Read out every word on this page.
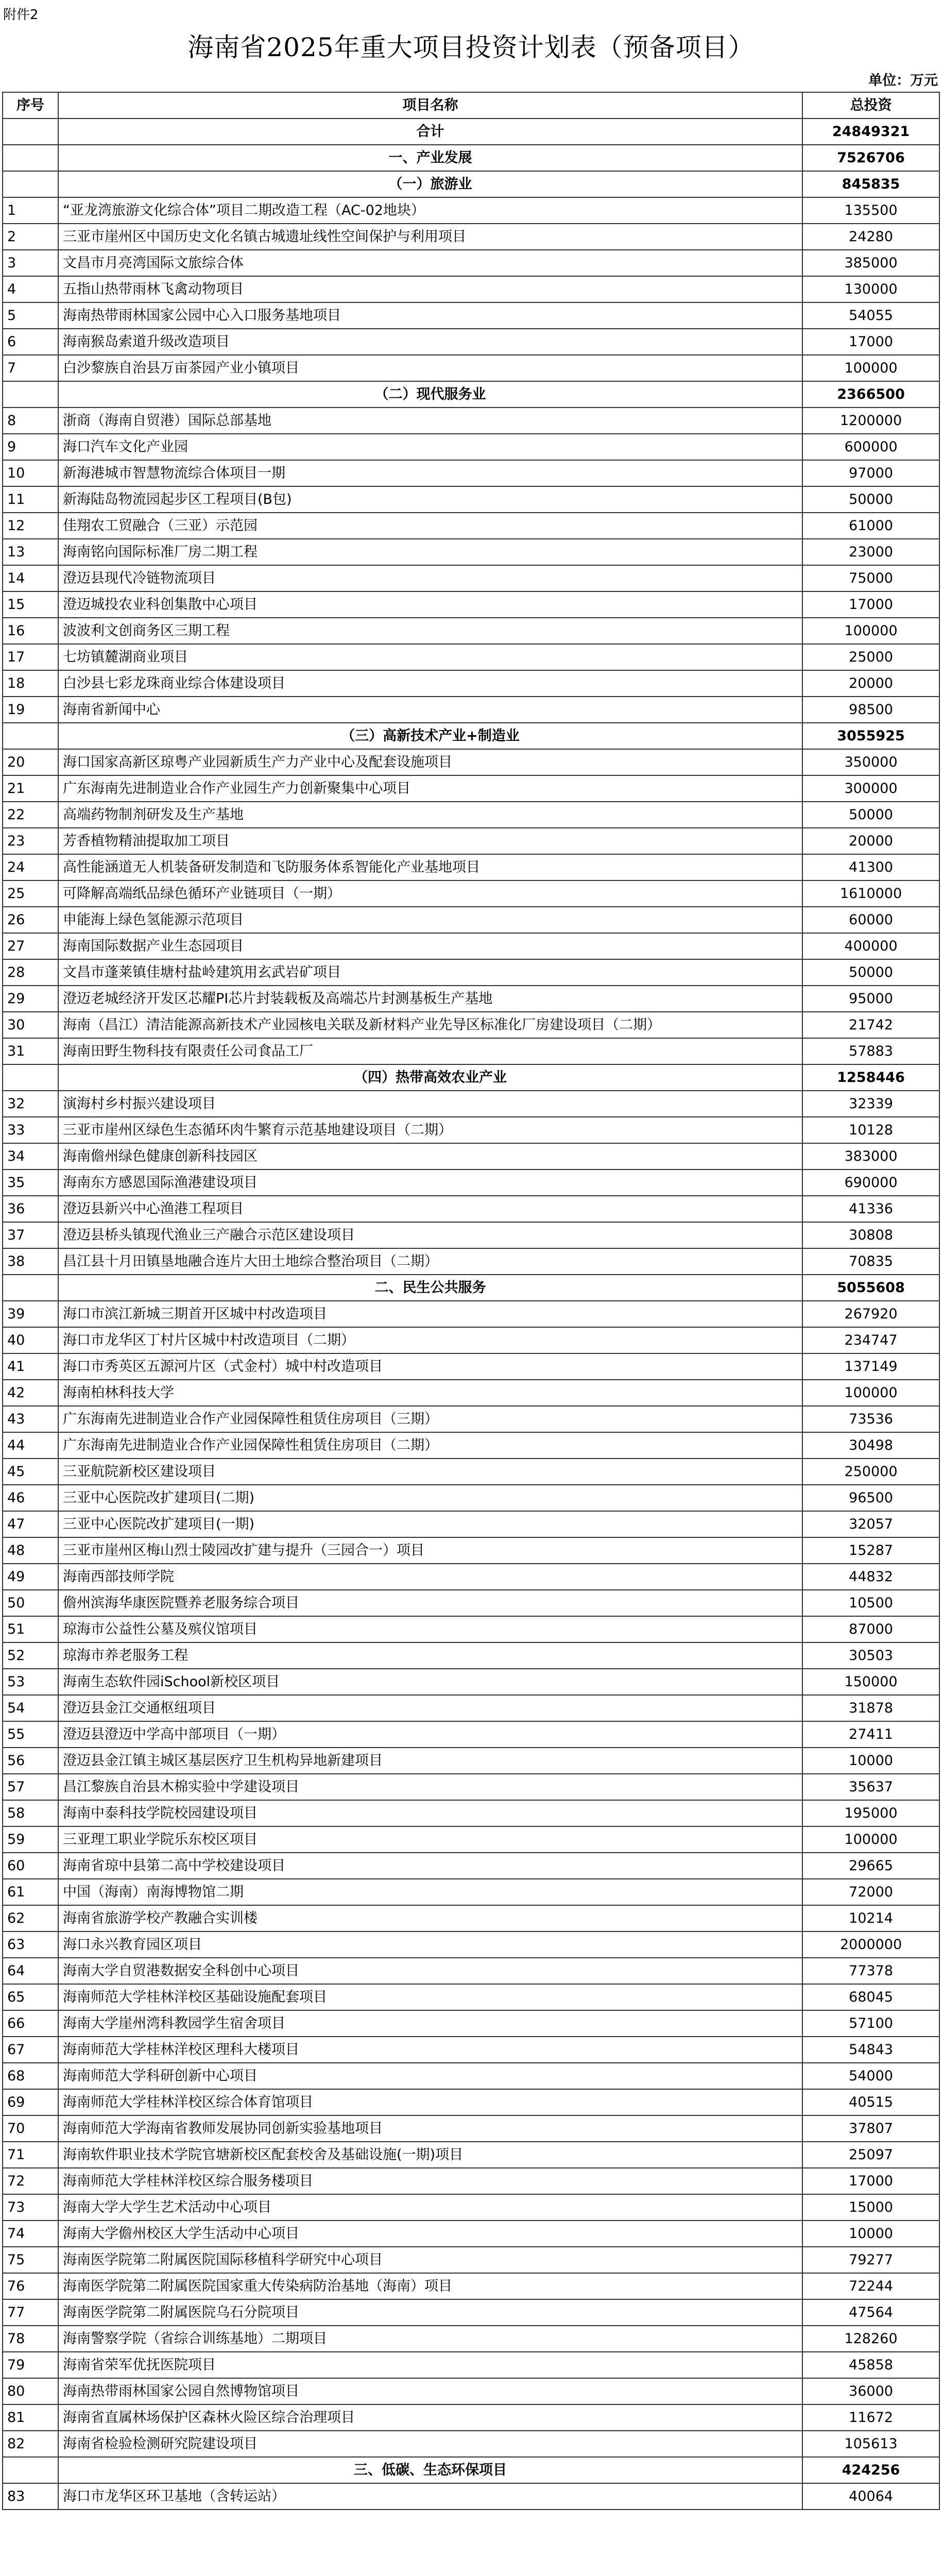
附件2
海南省2025年重大项目投资计划表（预备项目）
单位：万元
序号	项目名称	总投资
	合计	24849321
	一、产业发展	7526706
	（一）旅游业	845835
1	“亚龙湾旅游文化综合体”项目二期改造工程（AC-02地块）	135500
2	三亚市崖州区中国历史文化名镇古城遗址线性空间保护与利用项目	24280
3	文昌市月亮湾国际文旅综合体	385000
4	五指山热带雨林飞禽动物项目	130000
5	海南热带雨林国家公园中心入口服务基地项目	54055
6	海南猴岛索道升级改造项目	17000
7	白沙黎族自治县万亩茶园产业小镇项目	100000
	（二）现代服务业	2366500
8	浙商（海南自贸港）国际总部基地	1200000
9	海口汽车文化产业园	600000
10	新海港城市智慧物流综合体项目一期	97000
11	新海陆岛物流园起步区工程项目(B包)	50000
12	佳翔农工贸融合（三亚）示范园	61000
13	海南铭向国际标准厂房二期工程	23000
14	澄迈县现代冷链物流项目	75000
15	澄迈城投农业科创集散中心项目	17000
16	波波利文创商务区三期工程	100000
17	七坊镇麓湖商业项目	25000
18	白沙县七彩龙珠商业综合体建设项目	20000
19	海南省新闻中心	98500
	（三）高新技术产业+制造业	3055925
20	海口国家高新区琼粤产业园新质生产力产业中心及配套设施项目	350000
21	广东海南先进制造业合作产业园生产力创新聚集中心项目	300000
22	高端药物制剂研发及生产基地	50000
23	芳香植物精油提取加工项目	20000
24	高性能涵道无人机装备研发制造和飞防服务体系智能化产业基地项目	41300
25	可降解高端纸品绿色循环产业链项目（一期）	1610000
26	申能海上绿色氢能源示范项目	60000
27	海南国际数据产业生态园项目	400000
28	文昌市蓬莱镇佳塘村盐岭建筑用玄武岩矿项目	50000
29	澄迈老城经济开发区芯耀PI芯片封装载板及高端芯片封测基板生产基地	95000
30	海南（昌江）清洁能源高新技术产业园核电关联及新材料产业先导区标准化厂房建设项目（二期）	21742
31	海南田野生物科技有限责任公司食品工厂	57883
	（四）热带高效农业产业	1258446
32	演海村乡村振兴建设项目	32339
33	三亚市崖州区绿色生态循环肉牛繁育示范基地建设项目（二期）	10128
34	海南儋州绿色健康创新科技园区	383000
35	海南东方感恩国际渔港建设项目	690000
36	澄迈县新兴中心渔港工程项目	41336
37	澄迈县桥头镇现代渔业三产融合示范区建设项目	30808
38	昌江县十月田镇垦地融合连片大田土地综合整治项目（二期）	70835
	二、民生公共服务	5055608
39	海口市滨江新城三期首开区城中村改造项目	267920
40	海口市龙华区丁村片区城中村改造项目（二期）	234747
41	海口市秀英区五源河片区（式金村）城中村改造项目	137149
42	海南柏林科技大学	100000
43	广东海南先进制造业合作产业园保障性租赁住房项目（三期）	73536
44	广东海南先进制造业合作产业园保障性租赁住房项目（二期）	30498
45	三亚航院新校区建设项目	250000
46	三亚中心医院改扩建项目(二期)	96500
47	三亚中心医院改扩建项目(一期)	32057
48	三亚市崖州区梅山烈士陵园改扩建与提升（三园合一）项目	15287
49	海南西部技师学院	44832
50	儋州滨海华康医院暨养老服务综合项目	10500
51	琼海市公益性公墓及殡仪馆项目	87000
52	琼海市养老服务工程	30503
53	海南生态软件园iSchool新校区项目	150000
54	澄迈县金江交通枢纽项目	31878
55	澄迈县澄迈中学高中部项目（一期）	27411
56	澄迈县金江镇主城区基层医疗卫生机构异地新建项目	10000
57	昌江黎族自治县木棉实验中学建设项目	35637
58	海南中泰科技学院校园建设项目	195000
59	三亚理工职业学院乐东校区项目	100000
60	海南省琼中县第二高中学校建设项目	29665
61	中国（海南）南海博物馆二期	72000
62	海南省旅游学校产教融合实训楼	10214
63	海口永兴教育园区项目	2000000
64	海南大学自贸港数据安全科创中心项目	77378
65	海南师范大学桂林洋校区基础设施配套项目	68045
66	海南大学崖州湾科教园学生宿舍项目	57100
67	海南师范大学桂林洋校区理科大楼项目	54843
68	海南师范大学科研创新中心项目	54000
69	海南师范大学桂林洋校区综合体育馆项目	40515
70	海南师范大学海南省教师发展协同创新实验基地项目	37807
71	海南软件职业技术学院官塘新校区配套校舍及基础设施(一期)项目	25097
72	海南师范大学桂林洋校区综合服务楼项目	17000
73	海南大学大学生艺术活动中心项目	15000
74	海南大学儋州校区大学生活动中心项目	10000
75	海南医学院第二附属医院国际移植科学研究中心项目	79277
76	海南医学院第二附属医院国家重大传染病防治基地（海南）项目	72244
77	海南医学院第二附属医院乌石分院项目	47564
78	海南警察学院（省综合训练基地）二期项目	128260
79	海南省荣军优抚医院项目	45858
80	海南热带雨林国家公园自然博物馆项目	36000
81	海南省直属林场保护区森林火险区综合治理项目	11672
82	海南省检验检测研究院建设项目	105613
	三、低碳、生态环保项目	424256
83	海口市龙华区环卫基地（含转运站）	40064
